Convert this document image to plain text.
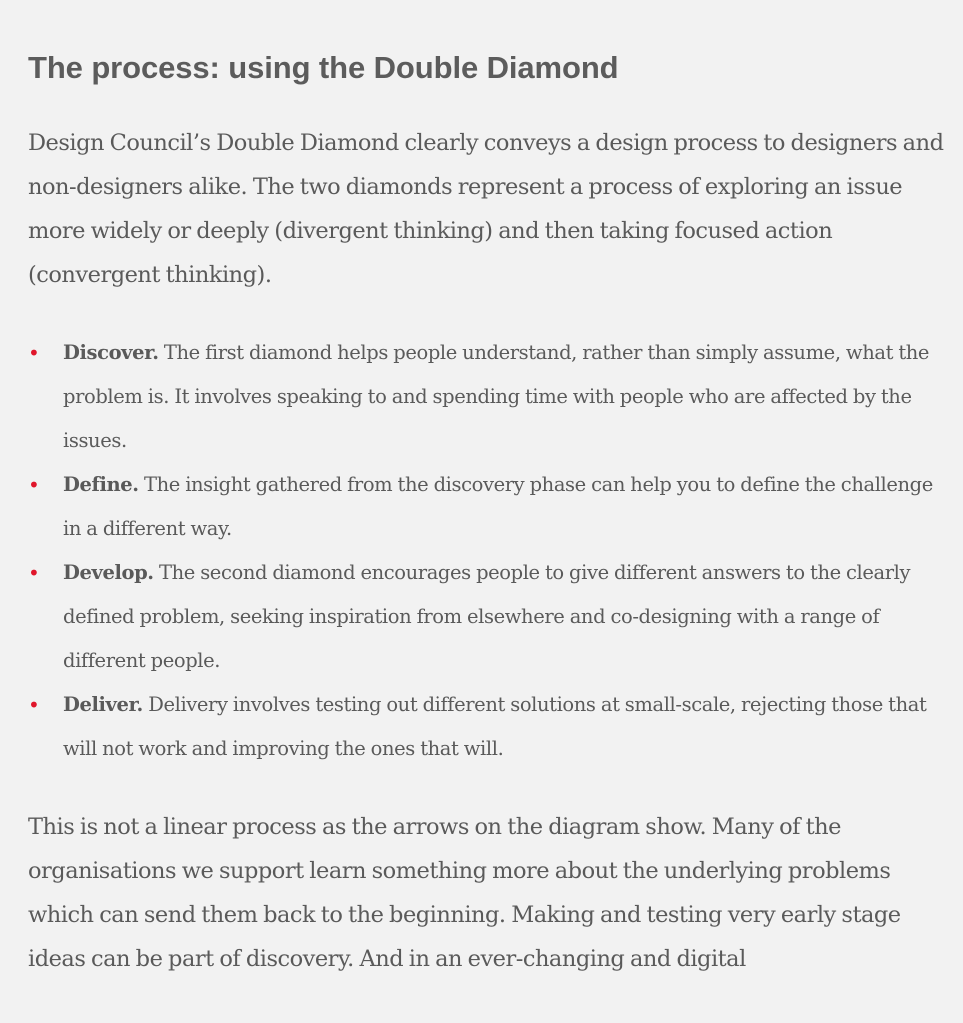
The process: using the Double Diamond

Design Council’s Double Diamond clearly conveys a design process to designers and non-designers alike. The two diamonds represent a process of exploring an issue more widely or deeply (divergent thinking) and then taking focused action (convergent thinking).

• Discover. The first diamond helps people understand, rather than simply assume, what the problem is. It involves speaking to and spending time with people who are affected by the issues.
• Define. The insight gathered from the discovery phase can help you to define the challenge in a different way.
• Develop. The second diamond encourages people to give different answers to the clearly defined problem, seeking inspiration from elsewhere and co-designing with a range of different people.
• Deliver. Delivery involves testing out different solutions at small-scale, rejecting those that will not work and improving the ones that will.

This is not a linear process as the arrows on the diagram show. Many of the organisations we support learn something more about the underlying problems which can send them back to the beginning. Making and testing very early stage ideas can be part of discovery. And in an ever-changing and digital
